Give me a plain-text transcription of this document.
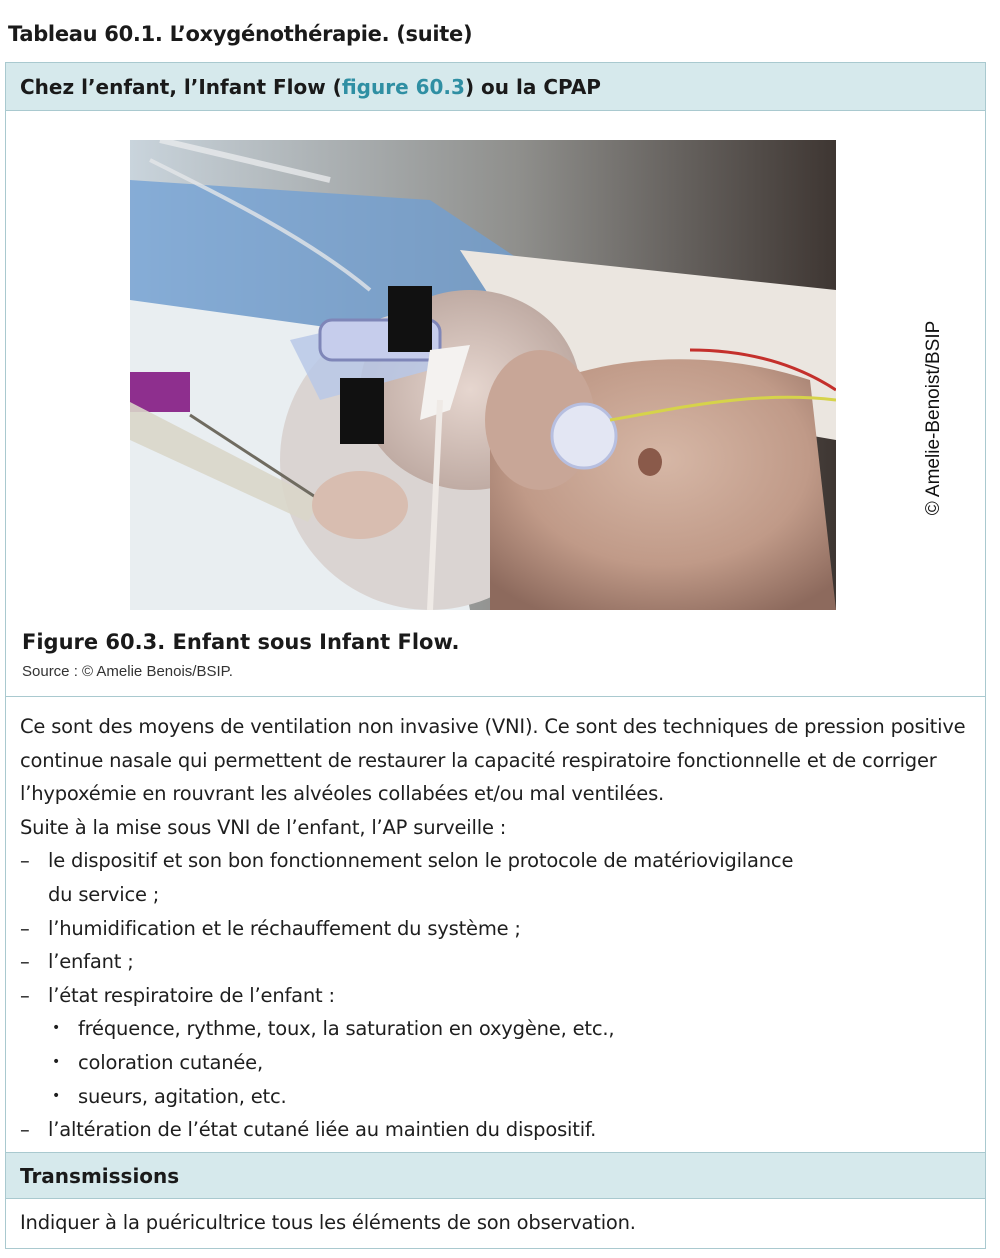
Tableau 60.1. L’oxygénothérapie. (suite)
Chez l’enfant, l’Infant Flow (figure 60.3) ou la CPAP
© Amelie-Benoist/BSIP
Figure 60.3. Enfant sous Infant Flow.
Source : © Amelie Benois/BSIP.

Ce sont des moyens de ventilation non invasive (VNI). Ce sont des techniques de pression positive continue nasale qui permettent de restaurer la capacité respiratoire fonctionnelle et de corriger l’hypoxémie en rouvrant les alvéoles collabées et/ou mal ventilées.

Suite à la mise sous VNI de l’enfant, l’AP surveille :

– le dispositif et son bon fonctionnement selon le protocole de matériovigilance
du service ;
– l’humidification et le réchauffement du système ;
– l’enfant ;
– l’état respiratoire de l’enfant :
• fréquence, rythme, toux, la saturation en oxygène, etc.,
• coloration cutanée,
• sueurs, agitation, etc.
– l’altération de l’état cutané liée au maintien du dispositif.
Transmissions
Indiquer à la puéricultrice tous les éléments de son observation.
